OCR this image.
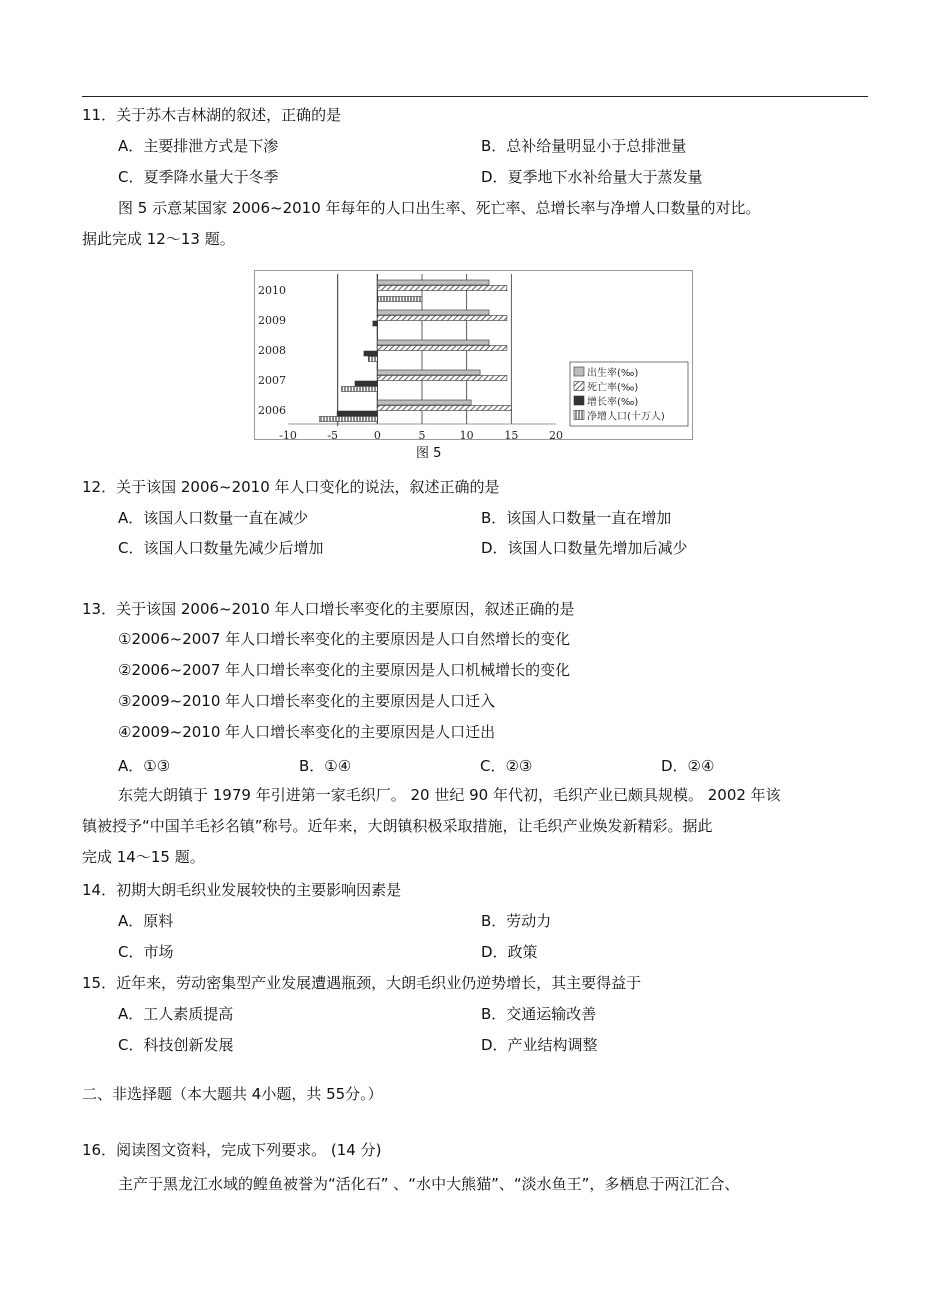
11．关于苏木吉林湖的叙述，正确的是
A．主要排泄方式是下渗	B．总补给量明显小于总排泄量
C．夏季降水量大于冬季	D．夏季地下水补给量大于蒸发量
图 5 示意某国家 2006~2010 年每年的人口出生率、死亡率、总增长率与净增人口数量的对比。
据此完成 12～13 题。
2010
2009
2008
2007
2006
-10	-5	0	5	10	15	20
出生率(‰)
死亡率(‰)
增长率(‰)
净增人口(十万人)
图 5
12．关于该国 2006~2010 年人口变化的说法，叙述正确的是
A．该国人口数量一直在减少	B．该国人口数量一直在增加
C．该国人口数量先减少后增加	D．该国人口数量先增加后减少
13．关于该国 2006~2010 年人口增长率变化的主要原因，叙述正确的是
①2006~2007 年人口增长率变化的主要原因是人口自然增长的变化
②2006~2007 年人口增长率变化的主要原因是人口机械增长的变化
③2009~2010 年人口增长率变化的主要原因是人口迁入
④2009~2010 年人口增长率变化的主要原因是人口迁出
A．①③	B．①④	C．②③	D．②④
东莞大朗镇于 1979 年引进第一家毛织厂。 20 世纪 90 年代初，毛织产业已颇具规模。 2002 年该
镇被授予“中国羊毛衫名镇”称号。近年来，大朗镇积极采取措施，让毛织产业焕发新精彩。据此
完成 14～15 题。
14．初期大朗毛织业发展较快的主要影响因素是
A．原料	B．劳动力
C．市场	D．政策
15．近年来，劳动密集型产业发展遭遇瓶颈，大朗毛织业仍逆势增长，其主要得益于
A．工人素质提高	B．交通运输改善
C．科技创新发展	D．产业结构调整
二、非选择题（本大题共 4小题，共 55分。）
16．阅读图文资料，完成下列要求。 (14 分)
主产于黑龙江水域的鳇鱼被誉为“活化石” 、“水中大熊猫”、“淡水鱼王”，多栖息于两江汇合、
